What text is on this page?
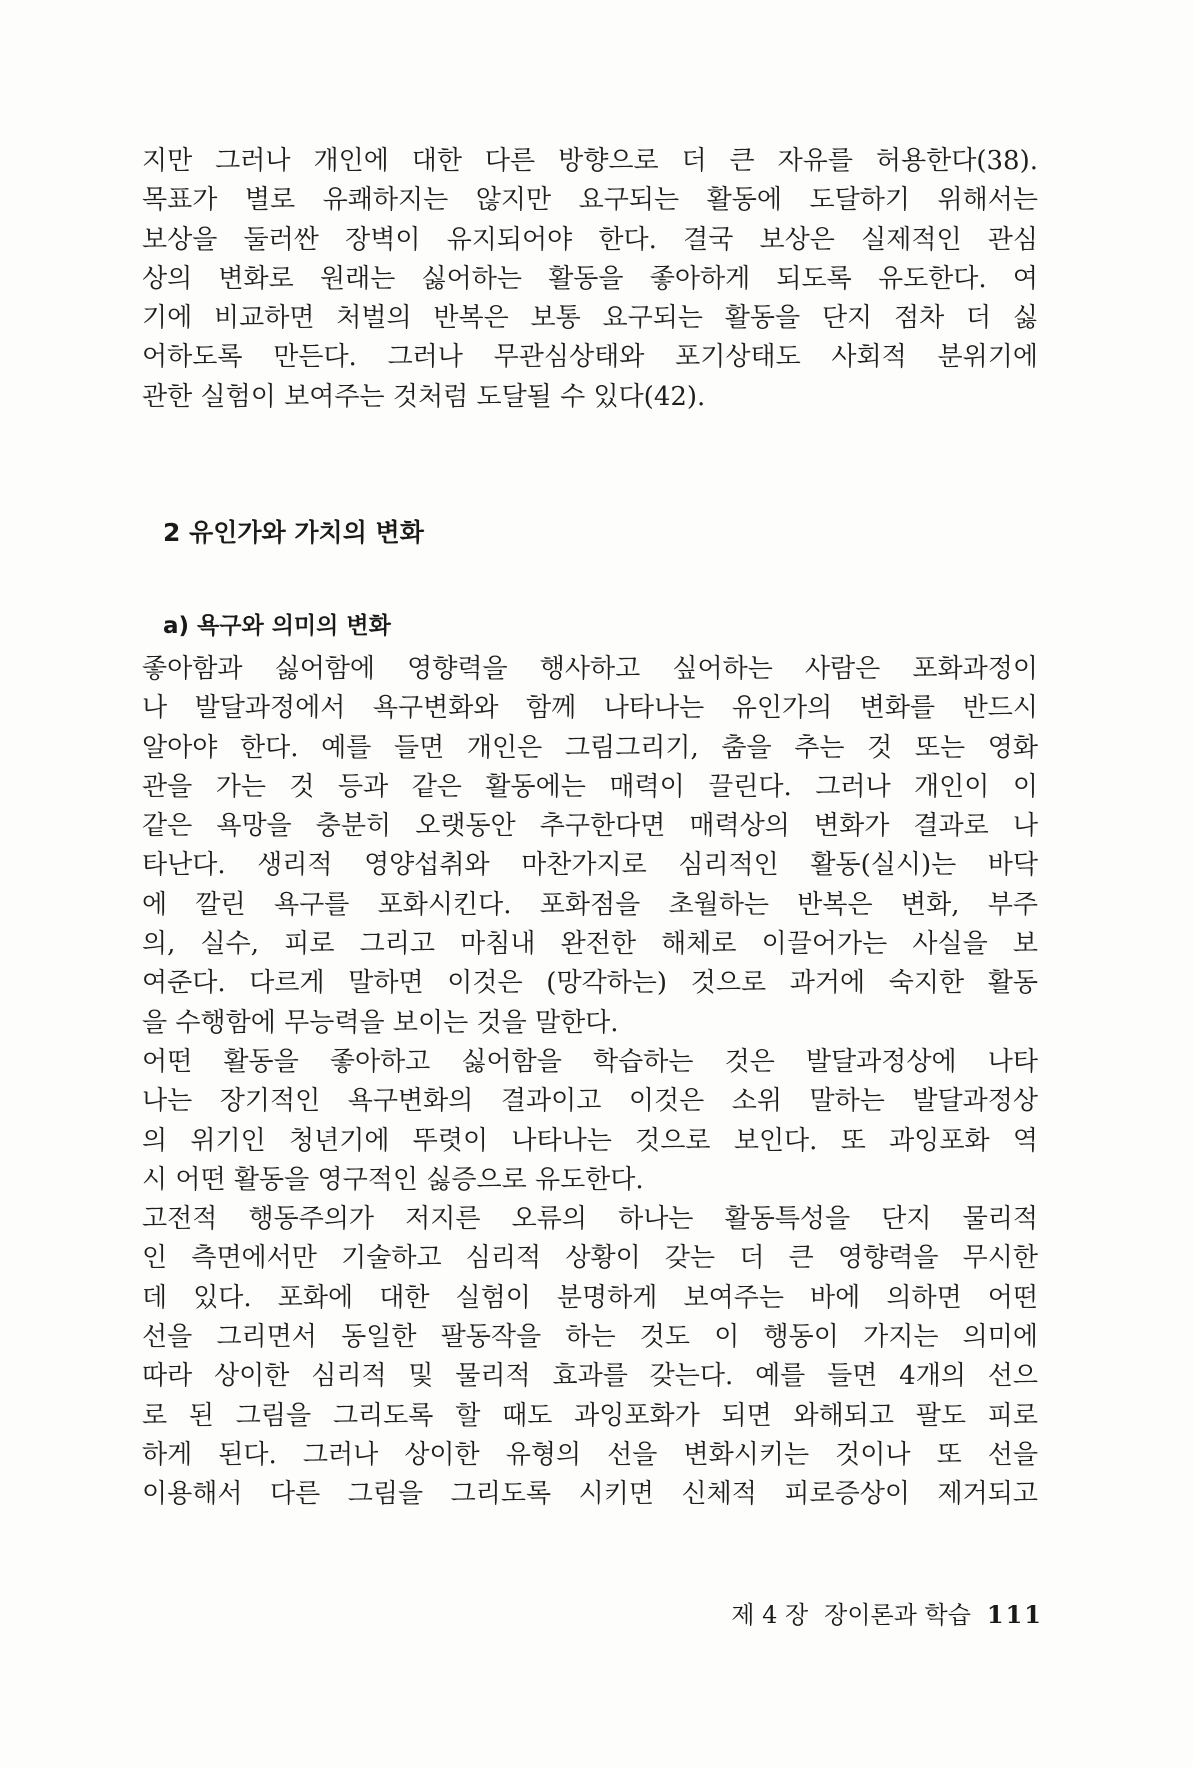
지만 그러나 개인에 대한 다른 방향으로 더 큰 자유를 허용한다(38).
목표가 별로 유쾌하지는 않지만 요구되는 활동에 도달하기 위해서는
보상을 둘러싼 장벽이 유지되어야 한다. 결국 보상은 실제적인 관심
상의 변화로 원래는 싫어하는 활동을 좋아하게 되도록 유도한다. 여
기에 비교하면 처벌의 반복은 보통 요구되는 활동을 단지 점차 더 싫
어하도록 만든다. 그러나 무관심상태와 포기상태도 사회적 분위기에
관한 실험이 보여주는 것처럼 도달될 수 있다(42).
2 유인가와 가치의 변화
a) 욕구와 의미의 변화
좋아함과 싫어함에 영향력을 행사하고 싶어하는 사람은 포화과정이
나 발달과정에서 욕구변화와 함께 나타나는 유인가의 변화를 반드시
알아야 한다. 예를 들면 개인은 그림그리기, 춤을 추는 것 또는 영화
관을 가는 것 등과 같은 활동에는 매력이 끌린다. 그러나 개인이 이
같은 욕망을 충분히 오랫동안 추구한다면 매력상의 변화가 결과로 나
타난다. 생리적 영양섭취와 마찬가지로 심리적인 활동(실시)는 바닥
에 깔린 욕구를 포화시킨다. 포화점을 초월하는 반복은 변화, 부주
의, 실수, 피로 그리고 마침내 완전한 해체로 이끌어가는 사실을 보
여준다. 다르게 말하면 이것은 (망각하는) 것으로 과거에 숙지한 활동
을 수행함에 무능력을 보이는 것을 말한다.
어떤 활동을 좋아하고 싫어함을 학습하는 것은 발달과정상에 나타
나는 장기적인 욕구변화의 결과이고 이것은 소위 말하는 발달과정상
의 위기인 청년기에 뚜렷이 나타나는 것으로 보인다. 또 과잉포화 역
시 어떤 활동을 영구적인 싫증으로 유도한다.
고전적 행동주의가 저지른 오류의 하나는 활동특성을 단지 물리적
인 측면에서만 기술하고 심리적 상황이 갖는 더 큰 영향력을 무시한
데 있다. 포화에 대한 실험이 분명하게 보여주는 바에 의하면 어떤
선을 그리면서 동일한 팔동작을 하는 것도 이 행동이 가지는 의미에
따라 상이한 심리적 및 물리적 효과를 갖는다. 예를 들면 4개의 선으
로 된 그림을 그리도록 할 때도 과잉포화가 되면 와해되고 팔도 피로
하게 된다. 그러나 상이한 유형의 선을 변화시키는 것이나 또 선을
이용해서 다른 그림을 그리도록 시키면 신체적 피로증상이 제거되고
제 4 장 장이론과 학습 111
